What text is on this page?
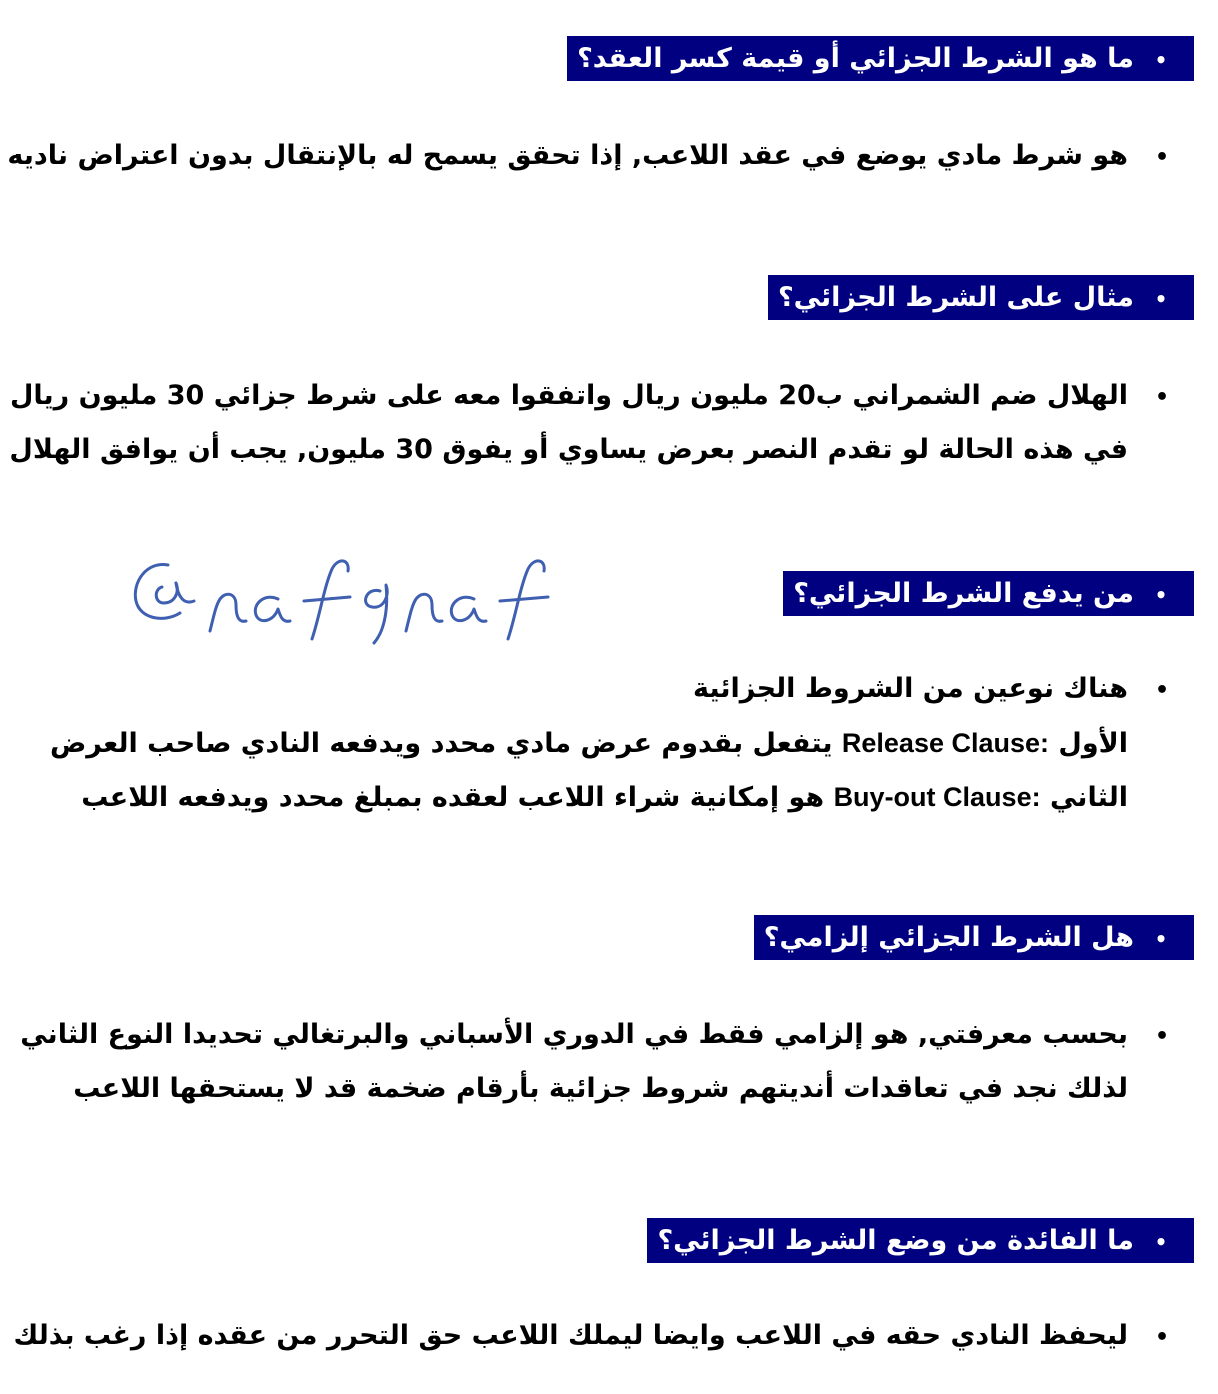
•ما هو الشرط الجزائي أو قيمة كسر العقد؟
•هو شرط مادي يوضع في عقد اللاعب, إذا تحقق يسمح له بالإنتقال بدون اعتراض ناديه
•مثال على الشرط الجزائي؟
•الهلال ضم الشمراني ب20 مليون ريال واتفقوا معه على شرط جزائي 30 مليون ريال
في هذه الحالة لو تقدم النصر بعرض يساوي أو يفوق 30 مليون, يجب أن يوافق الهلال
•من يدفع الشرط الجزائي؟
•هناك نوعين من الشروط الجزائية
الأول Release Clause: يتفعل بقدوم عرض مادي محدد ويدفعه النادي صاحب العرض
الثاني Buy-out Clause: هو إمكانية شراء اللاعب لعقده بمبلغ محدد ويدفعه اللاعب
•هل الشرط الجزائي إلزامي؟
•بحسب معرفتي, هو إلزامي فقط في الدوري الأسباني والبرتغالي تحديدا النوع الثاني
لذلك نجد في تعاقدات أنديتهم شروط جزائية بأرقام ضخمة قد لا يستحقها اللاعب
•ما الفائدة من وضع الشرط الجزائي؟
•ليحفظ النادي حقه في اللاعب وايضا ليملك اللاعب حق التحرر من عقده إذا رغب بذلك
